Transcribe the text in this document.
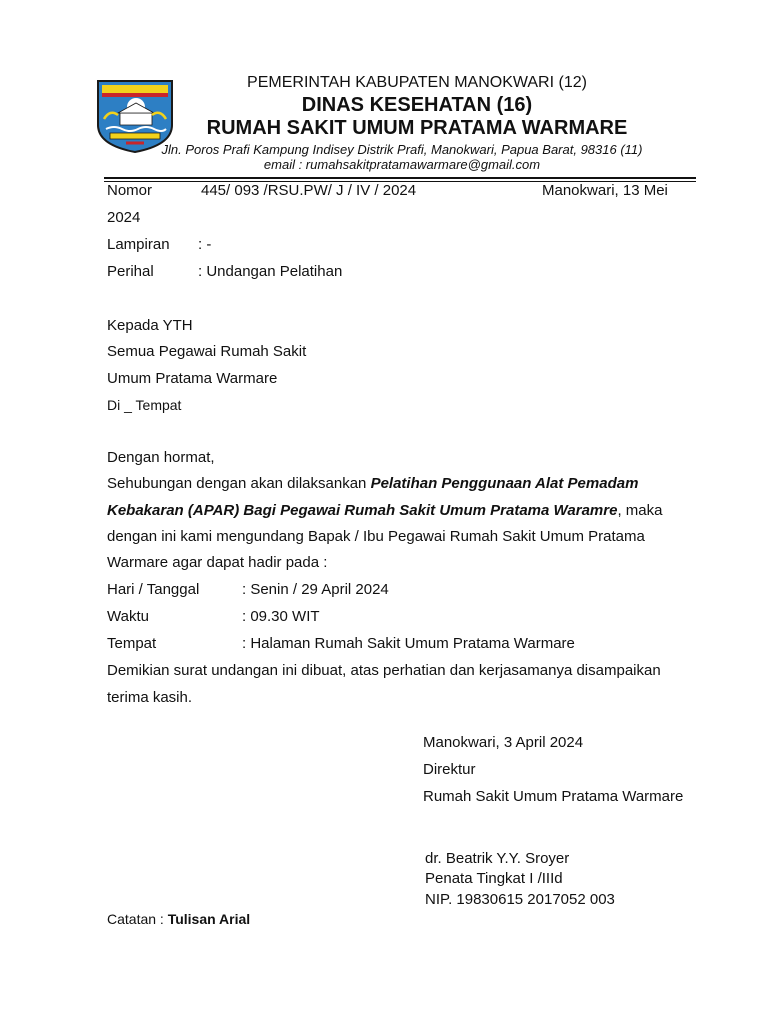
PEMERINTAH KABUPATEN MANOKWARI (12)
DINAS KESEHATAN (16)
RUMAH SAKIT UMUM PRATAMA WARMARE
Jln. Poros Prafi Kampung Indisey Distrik Prafi, Manokwari, Papua Barat, 98316 (11)
email : rumahsakitpratamawarmare@gmail.com
Nomor	445/ 093 /RSU.PW/ J / IV / 2024	Manokwari, 13 Mei
2024
Lampiran : -
Perihal	: Undangan Pelatihan
Kepada YTH
Semua Pegawai Rumah Sakit
Umum Pratama Warmare
Di _ Tempat
Dengan hormat,
Sehubungan dengan akan dilaksankan Pelatihan Penggunaan Alat Pemadam
Kebakaran (APAR) Bagi Pegawai Rumah Sakit Umum Pratama Waramre, maka
dengan ini kami mengundang Bapak / Ibu Pegawai Rumah Sakit Umum Pratama
Warmare agar dapat hadir pada :
Hari / Tanggal	: Senin / 29 April 2024
Waktu	: 09.30 WIT
Tempat	: Halaman Rumah Sakit Umum Pratama Warmare
Demikian surat undangan ini dibuat, atas perhatian dan kerjasamanya disampaikan
terima kasih.
Manokwari, 3 April 2024
Direktur
Rumah Sakit Umum Pratama Warmare
dr. Beatrik Y.Y. Sroyer
Penata Tingkat I /IIId
NIP. 19830615 2017052 003
Catatan : Tulisan Arial
